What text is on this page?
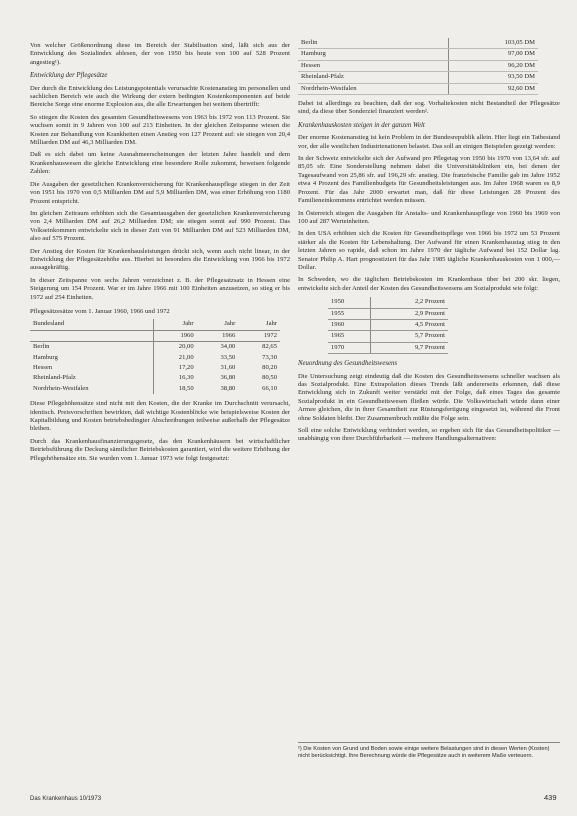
Von welcher Größenordnung diese im Bereich der Stabilisation sind, läßt sich aus der Entwicklung des Sozialindex ablesen, der von 1950 bis heute von 100 auf 528 Prozent angestieg¹).

Entwicklung der Pflegesätze

Der durch die Entwicklung des Leistungspotentials verursachte Kostenanstieg im personellen und sachlichen Bereich wie auch die Wirkung der extern bedingten Kostenkomponenten auf beide Bereiche Sorge eine enorme Explosion aus, die alle Erwartungen bei weitem übertrifft:

So stiegen die Kosten des gesamten Gesundheitswesens von 1963 bis 1972 von 113 Prozent. Sie wuchsen somit in 9 Jahren von 100 auf 213 Einheiten. In der gleichen Zeitspanne wiesen die Kosten zur Behandlung von Krankheiten einen Anstieg von 127 Prozent auf: sie stiegen von 20,4 Milliarden DM auf 46,3 Milliarden DM.

Daß es sich dabei um keine Ausnahmeerscheinungen der letzten Jahre handelt und dem Krankenhauswesen die gleiche Entwicklung eine besondere Rolle zukommt, beweisen folgende Zahlen:

Die Ausgaben der gesetzlichen Krankenversicherung für Krankenhauspflege stiegen in der Zeit von 1951 bis 1970 von 0,5 Milliarden DM auf 5,9 Milliarden DM, was einer Erhöhung von 1180 Prozent entspricht.

Im gleichen Zeitraum erhöhten sich die Gesamtausgaben der gesetzlichen Krankenversicherung von 2,4 Milliarden DM auf 26,2 Milliarden DM; sie stiegen somit auf 990 Prozent. Das Volkseinkommen entwickelte sich in dieser Zeit von 91 Milliarden DM auf 523 Milliarden DM, also auf 575 Prozent.

Der Anstieg der Kosten für Krankenhausleistungen drückt sich, wenn auch nicht linear, in der Entwicklung der Pflegesätzehöhe aus. Hierbei ist besonders die Entwicklung von 1966 bis 1972 aussagekräftig.

In dieser Zeitspanne von sechs Jahren verzeichnet z. B. der Pflegesatzsatz in Hessen eine Steigerung um 154 Prozent. War er im Jahre 1966 mit 100 Einheiten anzusetzen, so stieg er bis 1972 auf 254 Einheiten.

Pflegesätzesätze vom 1. Januar 1960, 1966 und 1972

Bundesland	Jahr	Jahr	Jahr
	1960	1966	1972
Berlin	20,00	34,00	82,65
Hamburg	21,00	33,50	73,30
Hessen	17,20	31,60	80,20
Rheinland-Pfalz	16,30	36,80	80,50
Nordrhein-Westfalen	18,50	38,80	66,10

Diese Pflegehöhensätze sind nicht mit den Kosten, die der Kranke im Durchschnitt verursacht, identisch. Preisvorschriften bewirkten, daß wichtige Kostenblöcke wie beispielsweise Kosten der Kapitalbildung und Kosten betriebsbedingter Abschreibungen teilweise außerhalb der Pflegesätze bleiben.

Durch das Krankenhausfinanzierungsgesetz, das den Krankenhäusern bei wirtschaftlicher Betriebsführung die Deckung sämtlicher Betriebskosten garantiert, wird die weitere Erhöhung der Pflegehöhensätze ein. Sie wurden vom 1. Januar 1973 wie folgt festgesetzt:

Berlin	103,05 DM
Hamburg	97,00 DM
Hessen	96,20 DM
Rheinland-Pfalz	93,50 DM
Nordrhein-Westfalen	92,60 DM

Dabei ist allerdings zu beachten, daß der sog. Vorhaltekosten nicht Bestandteil der Pflegesätze sind, da diese über Sonderziel finanziert werden².

Krankenhauskosten steigen in der ganzen Welt

Der enorme Kostenanstieg ist kein Problem in der Bundesrepublik allein. Hier liegt ein Tatbestand vor, der alle westlichen Industrienationen belastet. Das soll an einigen Beispielen gezeigt werden:

In der Schweiz entwickelte sich der Aufwand pro Pflegetag von 1950 bis 1970 von 13,64 sfr. auf 85,05 sfr. Eine Sonderstellung nehmen dabei die Universitätskliniken ein, bei denen der Tagesaufwand von 25,86 sfr. auf 196,29 sfr. anstieg. Die französische Familie gab im Jahre 1952 etwa 4 Prozent des Familienbudgets für Gesundheitsleistungen aus. Im Jahre 1968 waren es 8,9 Prozent. Für das Jahr 2000 erwartet man, daß für diese Leistungen 28 Prozent des Familieneinkommens entrichtet werden müssen.

In Österreich stiegen die Ausgaben für Anstalts- und Krankenhauspflege von 1960 bis 1969 von 100 auf 287 Werteinheiten.

In den USA erhöhten sich die Kosten für Gesundheitspflege von 1966 bis 1972 um 53 Prozent stärker als die Kosten für Lebenshaltung. Der Aufwand für einen Krankenhaustag stieg in den letzten Jahren so rapide, daß schon im Jahre 1970 der tägliche Aufwand bei 152 Dollar lag. Senator Philip A. Hart prognostiziert für das Jahr 1985 tägliche Krankenhauskosten von 1 000,— Dollar.

In Schweden, wo die täglichen Betriebskosten im Krankenhaus über bei 200 skr. liegen, entwickelte sich der Anteil der Kosten des Gesundheitswesens am Sozialprodukt wie folgt:

1950	2,2 Prozent
1955	2,9 Prozent
1960	4,5 Prozent
1965	5,7 Prozent
1970	9,7 Prozent
Neuordnung des Gesundheitswesens

Die Untersuchung zeigt eindeutig daß die Kosten des Gesundheitswesens schneller wachsen als das Sozialprodukt. Eine Extrapolation dieses Trends läßt andererseits erkennen, daß diese Entwicklung sich in Zukunft weiter verstärkt mit der Folge, daß eines Tages das gesamte Sozialprodukt in ein Gesundheitswesen fließen würde. Die Volkswirtschaft würde dann einer Armee gleichen, die in ihrer Gesamtheit zur Rüstungsfertigung eingesetzt ist, während die Front ohne Soldaten bleibt. Der Zusammenbruch müßte die Folge sein.

Soll eine solche Entwicklung verhindert werden, so ergeben sich für das Gesundheitspolitiker — unabhängig von ihrer Durchführbarkeit — mehrere Handlungsalternativen:

²) Die Kosten von Grund und Boden sowie einige weitere Belastungen sind in diesen Werten (Kosten) nicht berücksichtigt. Ihre Berechnung würde die Pflegesätze auch in weiterem Maße verteuern.
Das Krankenhaus 10/1973	439
